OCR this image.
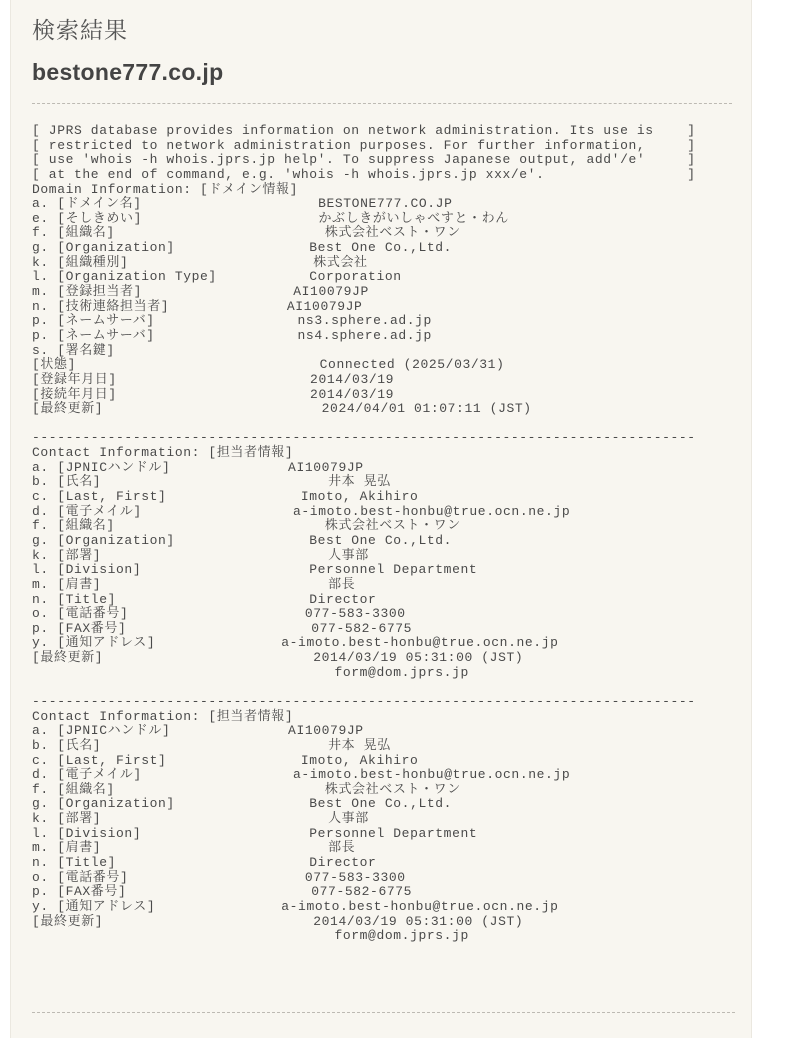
検索結果
bestone777.co.jp
[ JPRS database provides information on network administration. Its use is    ]
[ restricted to network administration purposes. For further information,     ]
[ use 'whois -h whois.jprs.jp help'. To suppress Japanese output, add'/e'     ]
[ at the end of command, e.g. 'whois -h whois.jprs.jp xxx/e'.                 ]
Domain Information: [ドメイン情報]
a. [ドメイン名]	BESTONE777.CO.JP
e. [そしきめい]	かぶしきがいしゃべすと・わん
f. [組織名]	株式会社ベスト・ワン
g. [Organization]	Best One Co.,Ltd.
k. [組織種別]	株式会社
l. [Organization Type]	Corporation
m. [登録担当者]	AI10079JP
n. [技術連絡担当者]	AI10079JP
p. [ネームサーバ]	ns3.sphere.ad.jp
p. [ネームサーバ]	ns4.sphere.ad.jp
s. [署名鍵]
[状態]	Connected (2025/03/31)
[登録年月日]	2014/03/19
[接続年月日]	2014/03/19
[最終更新]	2024/04/01 01:07:11 (JST)
-------------------------------------------------------------------------------
Contact Information: [担当者情報]
a. [JPNICハンドル]	AI10079JP
b. [氏名]	井本 晃弘
c. [Last, First]	Imoto, Akihiro
d. [電子メイル]	a-imoto.best-honbu@true.ocn.ne.jp
f. [組織名]	株式会社ベスト・ワン
g. [Organization]	Best One Co.,Ltd.
k. [部署]	人事部
l. [Division]	Personnel Department
m. [肩書]	部長
n. [Title]	Director
o. [電話番号]	077-583-3300
p. [FAX番号]	077-582-6775
y. [通知アドレス]	a-imoto.best-honbu@true.ocn.ne.jp
[最終更新]	2014/03/19 05:31:00 (JST)
form@dom.jprs.jp
-------------------------------------------------------------------------------
Contact Information: [担当者情報]
a. [JPNICハンドル]	AI10079JP
b. [氏名]	井本 晃弘
c. [Last, First]	Imoto, Akihiro
d. [電子メイル]	a-imoto.best-honbu@true.ocn.ne.jp
f. [組織名]	株式会社ベスト・ワン
g. [Organization]	Best One Co.,Ltd.
k. [部署]	人事部
l. [Division]	Personnel Department
m. [肩書]	部長
n. [Title]	Director
o. [電話番号]	077-583-3300
p. [FAX番号]	077-582-6775
y. [通知アドレス]	a-imoto.best-honbu@true.ocn.ne.jp
[最終更新]	2014/03/19 05:31:00 (JST)
form@dom.jprs.jp
